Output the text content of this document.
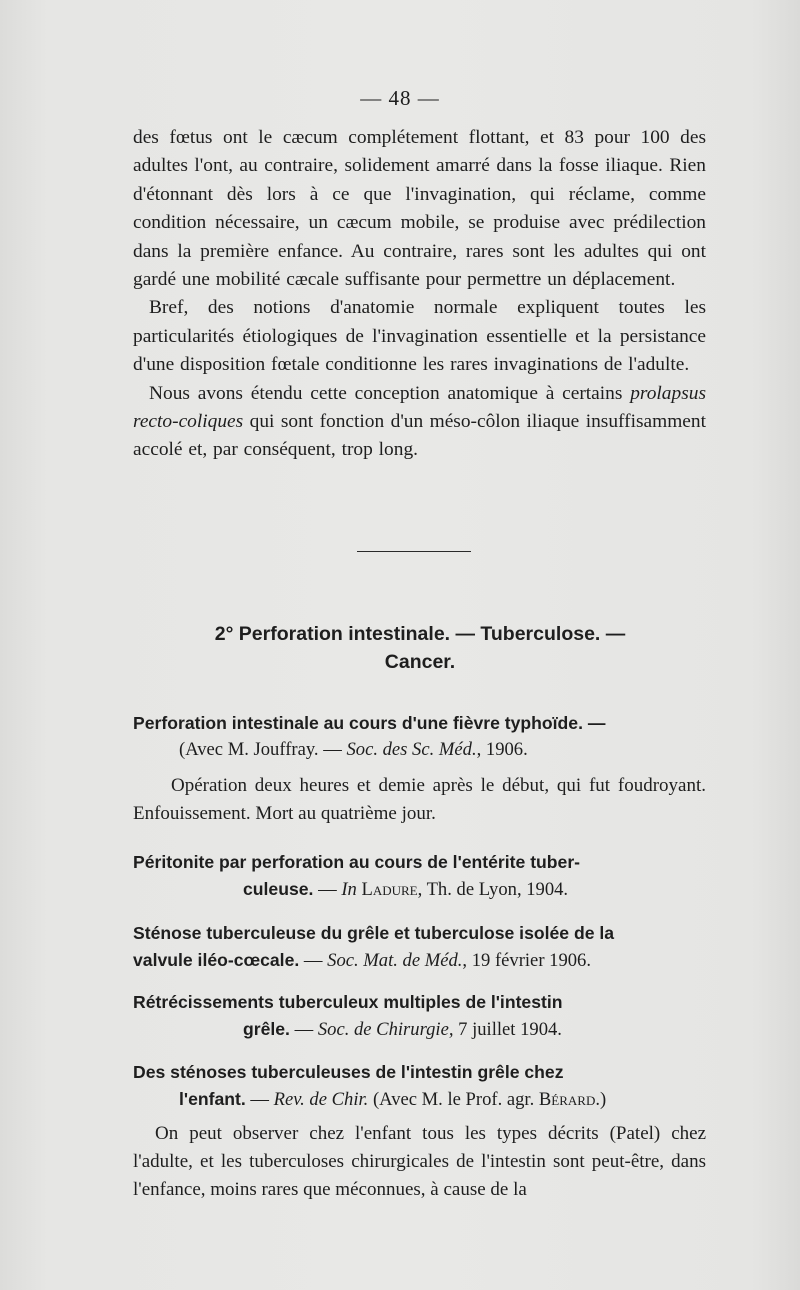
— 48 —

des fœtus ont le cæcum complétement flottant, et 83 pour 100 des adultes l'ont, au contraire, solidement amarré dans la fosse iliaque. Rien d'étonnant dès lors à ce que l'invagination, qui réclame, comme condition nécessaire, un cæcum mobile, se produise avec prédilection dans la première enfance. Au contraire, rares sont les adultes qui ont gardé une mobilité cæcale suffisante pour permettre un déplacement.

Bref, des notions d'anatomie normale expliquent toutes les particularités étiologiques de l'invagination essentielle et la persistance d'une disposition fœtale conditionne les rares invaginations de l'adulte.

Nous avons étendu cette conception anatomique à certains prolapsus recto-coliques qui sont fonction d'un méso-côlon iliaque insuffisamment accolé et, par conséquent, trop long.

2° Perforation intestinale. — Tuberculose. —
Cancer.
Perforation intestinale au cours d'une fièvre typhoïde. —
(Avec M. Jouffray. — Soc. des Sc. Méd., 1906.
Opération deux heures et demie après le début, qui fut foudroyant. Enfouissement. Mort au quatrième jour.
Péritonite par perforation au cours de l'entérite tuber-
culeuse. — In Ladure, Th. de Lyon, 1904.
Sténose tuberculeuse du grêle et tuberculose isolée de la
valvule iléo-cœcale. — Soc. Mat. de Méd., 19 février 1906.
Rétrécissements tuberculeux multiples de l'intestin
grêle. — Soc. de Chirurgie, 7 juillet 1904.
Des sténoses tuberculeuses de l'intestin grêle chez
l'enfant. — Rev. de Chir. (Avec M. le Prof. agr. Bérard.)
On peut observer chez l'enfant tous les types décrits (Patel) chez l'adulte, et les tuberculoses chirurgicales de l'intestin sont peut-être, dans l'enfance, moins rares que méconnues, à cause de la
